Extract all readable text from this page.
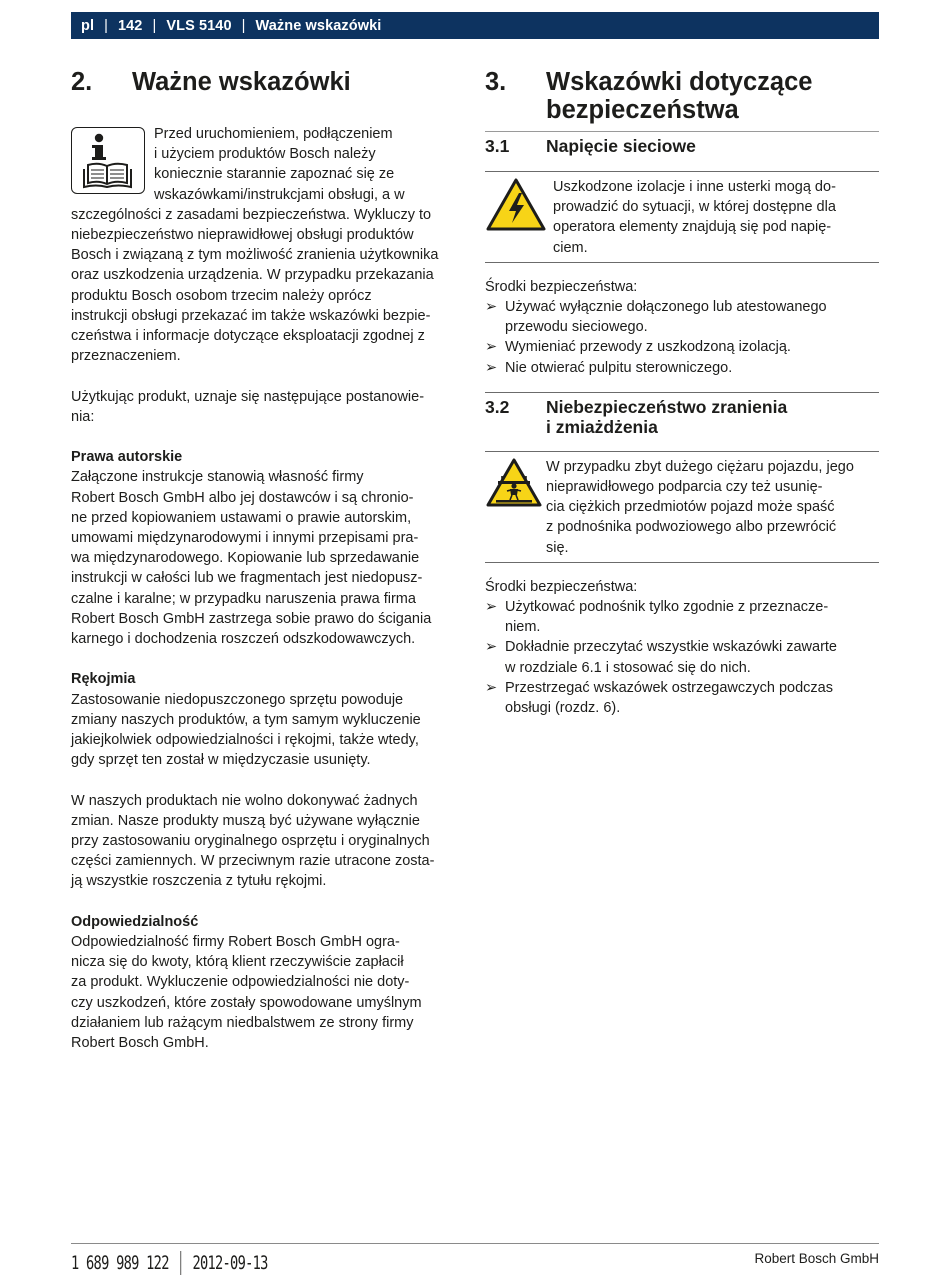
pl | 142 | VLS 5140 | Ważne wskazówki
2.	Ważne wskazówki

Przed uruchomieniem, podłączeniem

i użyciem produktów Bosch należy

koniecznie starannie zapoznać się ze

wskazówkami/instrukcjami obsługi, a w

szczególności z zasadami bezpieczeństwa. Wykluczy to

niebezpieczeństwo nieprawidłowej obsługi produktów

Bosch i związaną z tym możliwość zranienia użytkownika

oraz uszkodzenia urządzenia. W przypadku przekazania

produktu Bosch osobom trzecim należy oprócz

instrukcji obsługi przekazać im także wskazówki bezpie-

czeństwa i informacje dotyczące eksploatacji zgodnej z

przeznaczeniem.

Użytkując produkt, uznaje się następujące postanowie-

nia:

Prawa autorskie

Załączone instrukcje stanowią własność firmy

Robert Bosch GmbH albo jej dostawców i są chronio-

ne przed kopiowaniem ustawami o prawie autorskim,

umowami międzynarodowymi i innymi przepisami pra-

wa międzynarodowego. Kopiowanie lub sprzedawanie

instrukcji w całości lub we fragmentach jest niedopusz-

czalne i karalne; w przypadku naruszenia prawa firma

Robert Bosch GmbH zastrzega sobie prawo do ścigania

karnego i dochodzenia roszczeń odszkodowawczych.

Rękojmia

Zastosowanie niedopuszczonego sprzętu powoduje

zmiany naszych produktów, a tym samym wykluczenie

jakiejkolwiek odpowiedzialności i rękojmi, także wtedy,

gdy sprzęt ten został w międzyczasie usunięty.

W naszych produktach nie wolno dokonywać żadnych

zmian. Nasze produkty muszą być używane wyłącznie

przy zastosowaniu oryginalnego osprzętu i oryginalnych

części zamiennych. W przeciwnym razie utracone zosta-

ją wszystkie roszczenia z tytułu rękojmi.

Odpowiedzialność

Odpowiedzialność firmy Robert Bosch GmbH ogra-

nicza się do kwoty, którą klient rzeczywiście zapłacił

za produkt. Wykluczenie odpowiedzialności nie doty-

czy uszkodzeń, które zostały spowodowane umyślnym

działaniem lub rażącym niedbalstwem ze strony firmy

Robert Bosch GmbH.

3.	Wskazówki dotyczące
bezpieczeństwa
3.1	Napięcie sieciowe
Uszkodzone izolacje i inne usterki mogą do-
prowadzić do sytuacji, w której dostępne dla
operatora elementy znajdują się pod napię-
ciem.

Środki bezpieczeństwa:

➢ Używać wyłącznie dołączonego lub atestowanego
przewodu sieciowego.
➢ Wymieniać przewody z uszkodzoną izolacją.
➢ Nie otwierać pulpitu sterowniczego.
3.2	Niebezpieczeństwo zranienia
i zmiażdżenia
W przypadku zbyt dużego ciężaru pojazdu, jego
nieprawidłowego podparcia czy też usunię-
cia ciężkich przedmiotów pojazd może spaść
z podnośnika podwoziowego albo przewrócić
się.

Środki bezpieczeństwa:

➢ Użytkować podnośnik tylko zgodnie z przeznacze-
niem.
➢ Dokładnie przeczytać wszystkie wskazówki zawarte
w rozdziale 6.1 i stosować się do nich.
➢ Przestrzegać wskazówek ostrzegawczych podczas
obsługi (rozdz. 6).
1 689 989 122 2012-09-13	Robert Bosch GmbH
